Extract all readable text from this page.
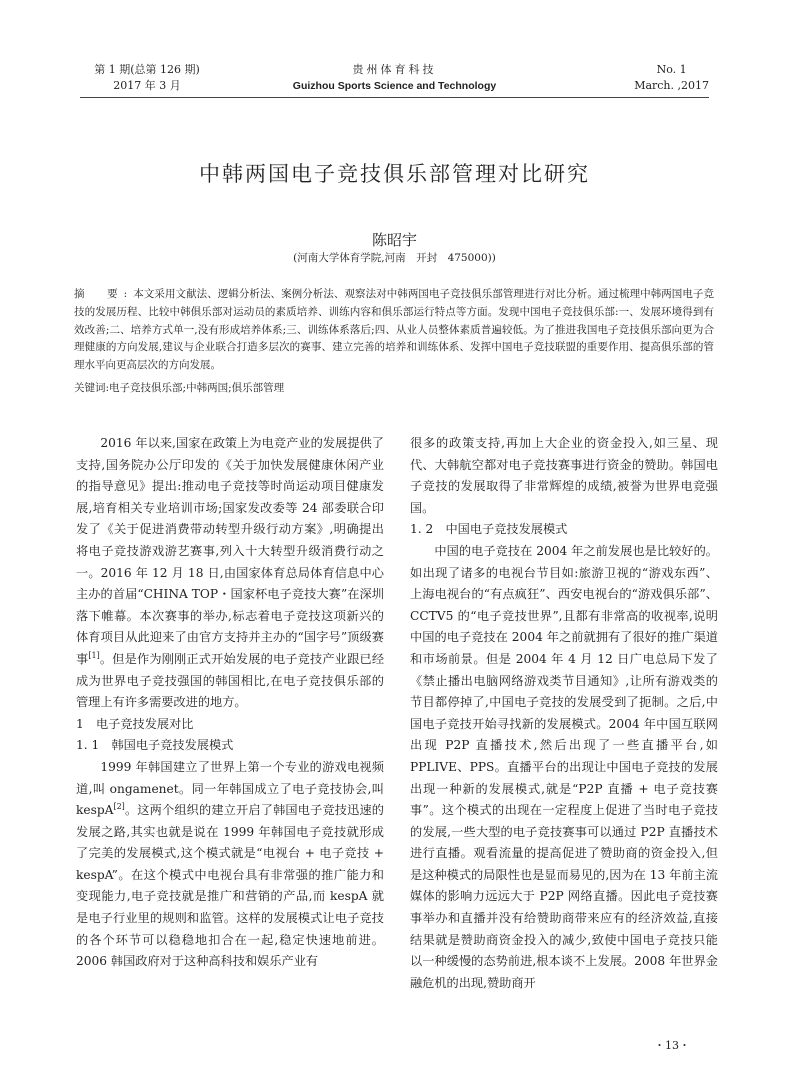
第 1 期(总第 126 期)
2017 年 3 月
贵州体育科技
Guizhou Sports Science and Technology
No. 1
March. ,2017
中韩两国电子竞技俱乐部管理对比研究
陈昭宇
(河南大学体育学院,河南　开封　475000))
摘　要:本文采用文献法、逻辑分析法、案例分析法、观察法对中韩两国电子竞技俱乐部管理进行对比分析。通过梳理中韩两国电子竞技的发展历程、比较中韩俱乐部对运动员的素质培养、训练内容和俱乐部运行特点等方面。发现中国电子竞技俱乐部:一、发展环境得到有效改善;二、培养方式单一,没有形成培养体系;三、训练体系落后;四、从业人员整体素质普遍较低。为了推进我国电子竞技俱乐部向更为合理健康的方向发展,建议与企业联合打造多层次的赛事、建立完善的培养和训练体系、发挥中国电子竞技联盟的重要作用、提高俱乐部的管理水平向更高层次的方向发展。
关键词:电子竞技俱乐部;中韩两国;俱乐部管理

2016 年以来,国家在政策上为电竞产业的发展提供了支持,国务院办公厅印发的《关于加快发展健康休闲产业的指导意见》提出:推动电子竞技等时尚运动项目健康发展,培育相关专业培训市场;国家发改委等 24 部委联合印发了《关于促进消费带动转型升级行动方案》,明确提出将电子竞技游戏游艺赛事,列入十大转型升级消费行动之一。2016 年 12 月 18 日,由国家体育总局体育信息中心主办的首届“CHINA TOP・国家杯电子竞技大赛”在深圳落下帷幕。本次赛事的举办,标志着电子竞技这项新兴的体育项目从此迎来了由官方支持并主办的“国字号”顶级赛事[1]。但是作为刚刚正式开始发展的电子竞技产业跟已经成为世界电子竞技强国的韩国相比,在电子竞技俱乐部的管理上有许多需要改进的地方。

1　电子竞技发展对比
1. 1　韩国电子竞技发展模式

1999 年韩国建立了世界上第一个专业的游戏电视频道,叫 ongamenet。同一年韩国成立了电子竞技协会,叫 kespA[2]。这两个组织的建立开启了韩国电子竞技迅速的发展之路,其实也就是说在 1999 年韩国电子竞技就形成了完美的发展模式,这个模式就是“电视台 + 电子竞技 + kespA”。在这个模式中电视台具有非常强的推广能力和变现能力,电子竞技就是推广和营销的产品,而 kespA 就是电子行业里的规则和监管。这样的发展模式让电子竞技的各个环节可以稳稳地扣合在一起,稳定快速地前进。2006 韩国政府对于这种高科技和娱乐产业有

很多的政策支持,再加上大企业的资金投入,如三星、现代、大韩航空都对电子竞技赛事进行资金的赞助。韩国电子竞技的发展取得了非常辉煌的成绩,被誉为世界电竞强国。

1. 2　中国电子竞技发展模式

中国的电子竞技在 2004 年之前发展也是比较好的。如出现了诸多的电视台节目如:旅游卫视的“游戏东西”、上海电视台的“有点疯狂”、西安电视台的“游戏俱乐部”、CCTV5 的“电子竞技世界”,且都有非常高的收视率,说明中国的电子竞技在 2004 年之前就拥有了很好的推广渠道和市场前景。但是 2004 年 4 月 12 日广电总局下发了《禁止播出电脑网络游戏类节目通知》,让所有游戏类的节目都停掉了,中国电子竞技的发展受到了扼制。之后,中国电子竞技开始寻找新的发展模式。2004 年中国互联网出现 P2P 直播技术,然后出现了一些直播平台,如 PPLIVE、PPS。直播平台的出现让中国电子竞技的发展出现一种新的发展模式,就是“P2P 直播 + 电子竞技赛事”。这个模式的出现在一定程度上促进了当时电子竞技的发展,一些大型的电子竞技赛事可以通过 P2P 直播技术进行直播。观看流量的提高促进了赞助商的资金投入,但是这种模式的局限性也是显而易见的,因为在 13 年前主流媒体的影响力远远大于 P2P 网络直播。因此电子竞技赛事举办和直播并没有给赞助商带来应有的经济效益,直接结果就是赞助商资金投入的减少,致使中国电子竞技只能以一种缓慢的态势前进,根本谈不上发展。2008 年世界金融危机的出现,赞助商开

・13・
